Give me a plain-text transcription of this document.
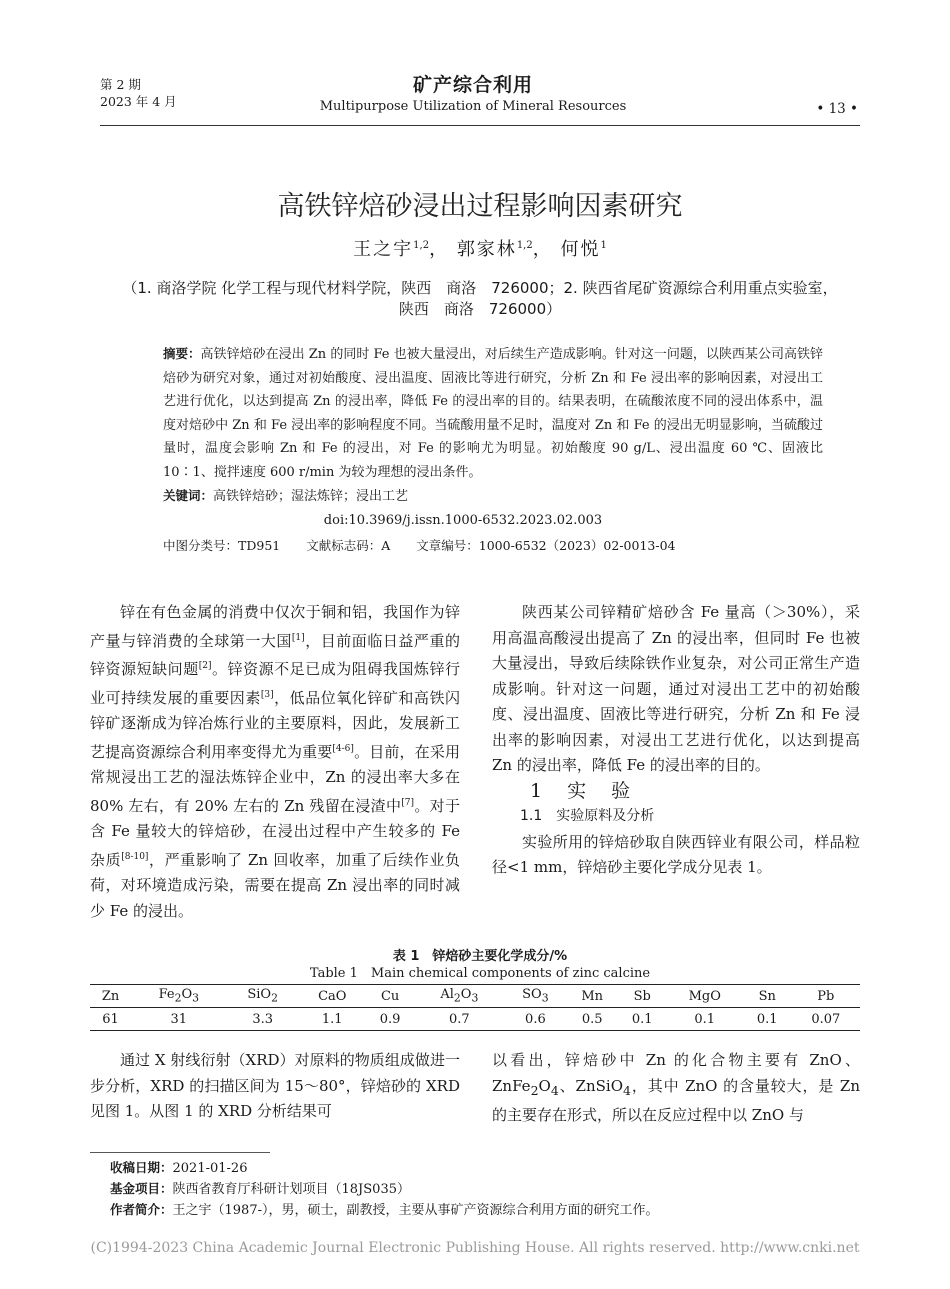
第 2 期
2023 年 4 月
矿产综合利用
Multipurpose Utilization of Mineral Resources	• 13 •
高铁锌焙砂浸出过程影响因素研究
王之宇$^{1,2}$， 郭家林$^{1,2}$， 何悦$^1$
（1. 商洛学院 化学工程与现代材料学院，陕西　商洛　726000；2. 陕西省尾矿资源综合利用重点实验室，陕西　商洛　726000）
摘要：高铁锌焙砂在浸出 Zn 的同时 Fe 也被大量浸出，对后续生产造成影响。针对这一问题，以陕西某公司高铁锌焙砂为研究对象，通过对初始酸度、浸出温度、固液比等进行研究，分析 Zn 和 Fe 浸出率的影响因素，对浸出工艺进行优化，以达到提高 Zn 的浸出率，降低 Fe 的浸出率的目的。结果表明，在硫酸浓度不同的浸出体系中，温度对焙砂中 Zn 和 Fe 浸出率的影响程度不同。当硫酸用量不足时，温度对 Zn 和 Fe 的浸出无明显影响，当硫酸过量时，温度会影响 Zn 和 Fe 的浸出，对 Fe 的影响尤为明显。初始酸度 90 g/L、浸出温度 60 ℃、固液比 10∶1、搅拌速度 600 r/min 为较为理想的浸出条件。
关键词：高铁锌焙砂；湿法炼锌；浸出工艺
doi:10.3969/j.issn.1000-6532.2023.02.003
中图分类号：TD951 文献标志码：A 文章编号：1000-6532（2023）02-0013-04

锌在有色金属的消费中仅次于铜和铝，我国作为锌产量与锌消费的全球第一大国[1]，目前面临日益严重的锌资源短缺问题[2]。锌资源不足已成为阻碍我国炼锌行业可持续发展的重要因素[3]，低品位氧化锌矿和高铁闪锌矿逐渐成为锌冶炼行业的主要原料，因此，发展新工艺提高资源综合利用率变得尤为重要[4-6]。目前，在采用常规浸出工艺的湿法炼锌企业中，Zn 的浸出率大多在 80% 左右，有 20% 左右的 Zn 残留在浸渣中[7]。对于含 Fe 量较大的锌焙砂，在浸出过程中产生较多的 Fe 杂质[8-10]，严重影响了 Zn 回收率，加重了后续作业负荷，对环境造成污染，需要在提高 Zn 浸出率的同时减少 Fe 的浸出。

陕西某公司锌精矿焙砂含 Fe 量高（＞30%），采用高温高酸浸出提高了 Zn 的浸出率，但同时 Fe 也被大量浸出，导致后续除铁作业复杂，对公司正常生产造成影响。针对这一问题，通过对浸出工艺中的初始酸度、浸出温度、固液比等进行研究，分析 Zn 和 Fe 浸出率的影响因素，对浸出工艺进行优化，以达到提高 Zn 的浸出率，降低 Fe 的浸出率的目的。

1　实　验

1.1　实验原料及分析

实验所用的锌焙砂取自陕西锌业有限公司，样品粒径<1 mm，锌焙砂主要化学成分见表 1。

表 1　锌焙砂主要化学成分/%
Table 1　Main chemical components of zinc calcine
Zn	$Fe_2O_3$	SiO$_2$	CaO	Cu	$Al_2O_3$	$SO_3$	Mn	Sb	MgO	Sn	Pb
61	31	3.3	1.1	0.9	0.7	0.6	0.5	0.1	0.1	0.1	0.07

通过 X 射线衍射（XRD）对原料的物质组成做进一步分析，XRD 的扫描区间为 15～80°，锌焙砂的 XRD 见图 1。从图 1 的 XRD 分析结果可

以看出，锌焙砂中 Zn 的化合物主要有 ZnO、$ZnFe_2O_4$、ZnSiO$_4$，其中 ZnO 的含量较大，是 Zn 的主要存在形式，所以在反应过程中以 ZnO 与

收稿日期：2021-01-26
基金项目：陕西省教育厅科研计划项目（18JS035）
作者简介：王之宇（1987-），男，硕士，副教授，主要从事矿产资源综合利用方面的研究工作。
(C)1994-2023 China Academic Journal Electronic Publishing House. All rights reserved. http://www.cnki.net
